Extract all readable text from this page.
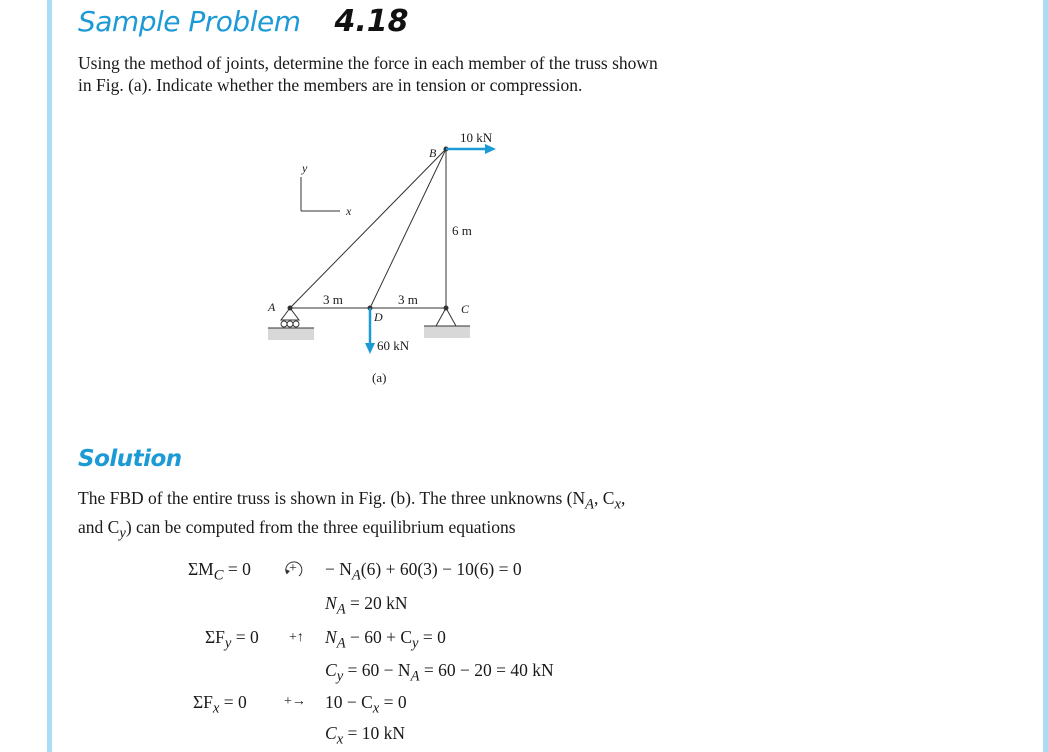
Sample Problem 4.18
Using the method of joints, determine the force in each member of the truss shown
in Fig. (a). Indicate whether the members are in tension or compression.
10 kN
60 kN
6 m
3 m	3 m
A
B
C
D
x
y
(a)
Solution
The FBD of the entire truss is shown in Fig. (b). The three unknowns ($N_A$, $C_x$,
and $C_y$) can be computed from the three equilibrium equations
$\Sigma M_C = 0$	+ − $N_A(6) + 60(3) - 10(6) = 0$
$N_A = 20$ kN
$\Sigma F_y = 0$ +↑ $N_A - 60 + C_y = 0$
$C_y = 60 - N_A = 60 - 20 = 40$ kN
$\Sigma F_x = 0$	+→ $10 - C_x = 0$
$C_x = 10$ kN
